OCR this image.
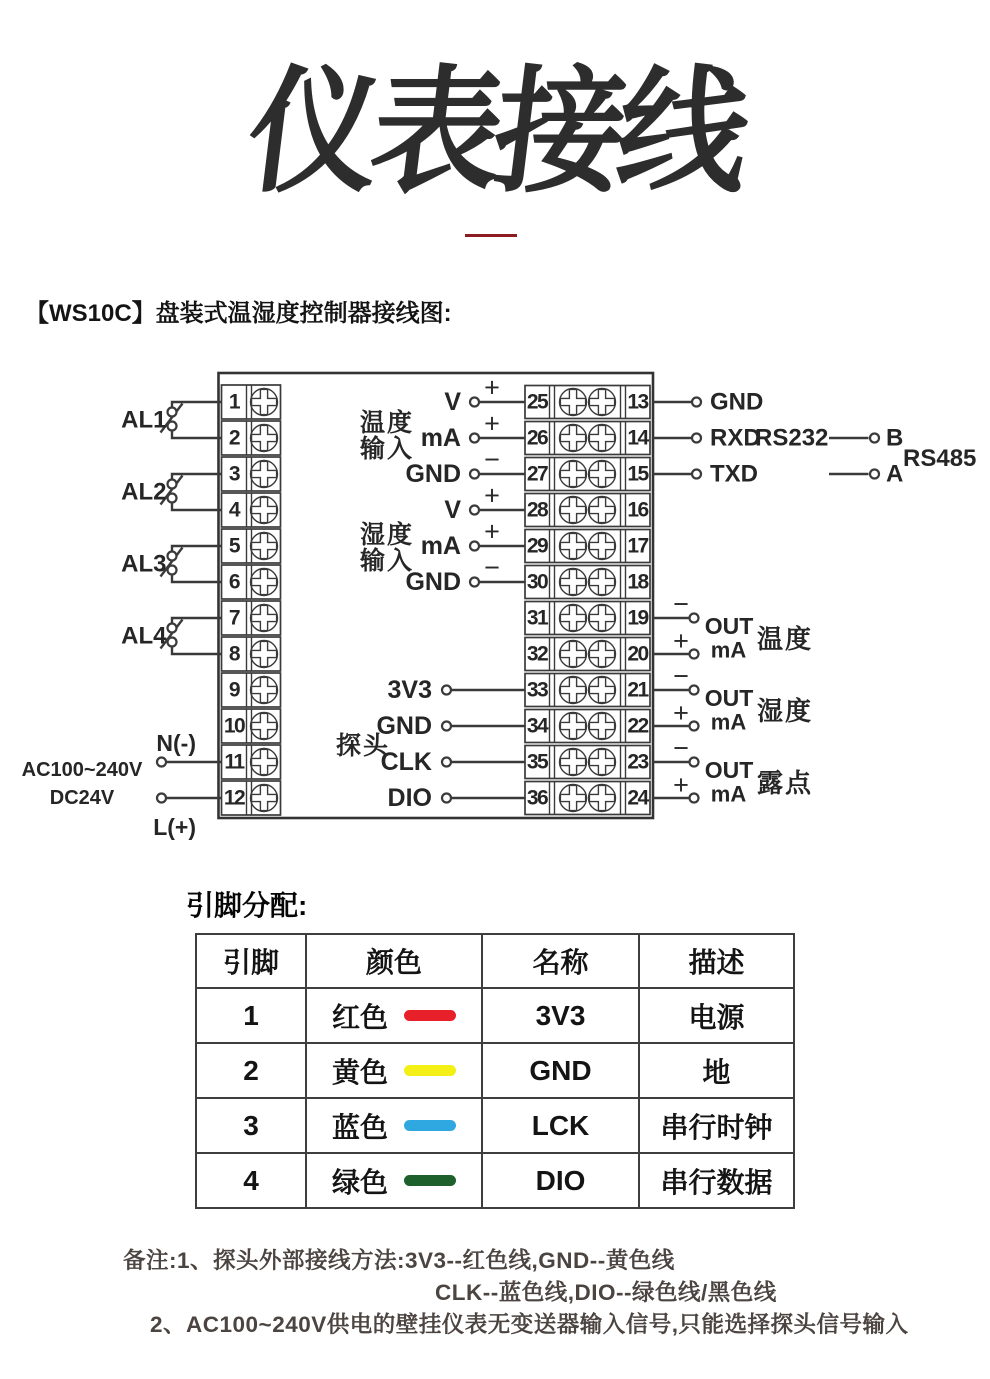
仪表接线
【WS10C】盘装式温湿度控制器接线图:
1
2
3
4
5
6
7
8
9
10
11
12
25
26
27
28
29
30
31
32
33
34
35
36
13
14
15
16
17
18
19
20
21
22
23
24
AL1
AL2
AL3
AL4
N(-)
L(+)
AC100~240V
DC24V
+
+
−
+
+
−
V
mA
GND
V
mA
GND
温度
输入
湿度
输入
3V3
GND
CLK
DIO
探头
GND
RXD
TXD
RS232 B
A
RS485
−
+
−
+
−
+
OUT
mA 温度
OUT
mA 湿度
OUT
mA 露点
引脚分配:
引脚	颜色	名称	描述
1	红色	3V3	电源
2	黄色	GND	地
3	蓝色	LCK	串行时钟
4	绿色	DIO	串行数据
备注:1、探头外部接线方法:3V3--红色线,GND--黄色线
CLK--蓝色线,DIO--绿色线/黑色线
2、AC100~240V供电的壁挂仪表无变送器输入信号,只能选择探头信号输入
